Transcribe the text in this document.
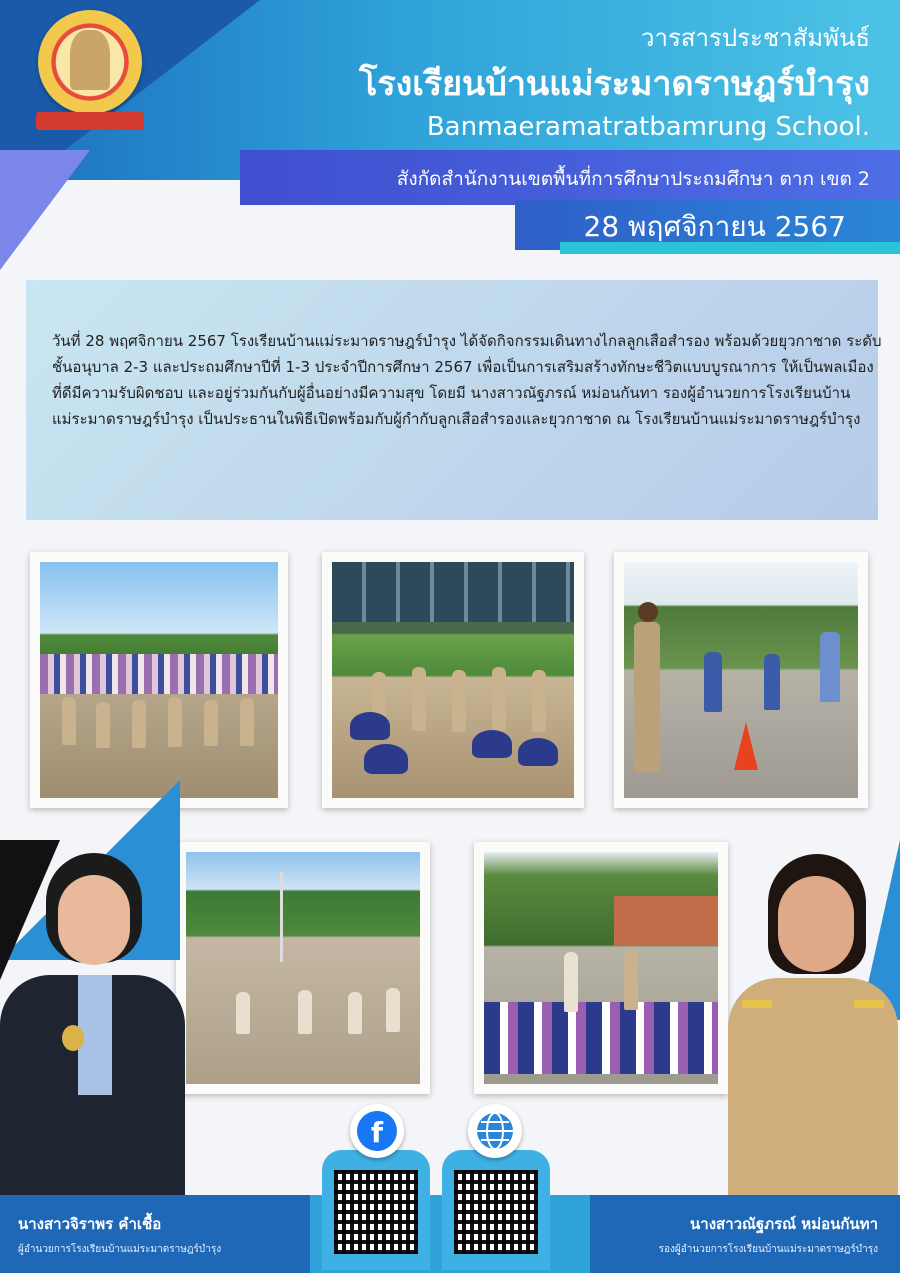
วารสารประชาสัมพันธ์
โรงเรียนบ้านแม่ระมาดราษฎร์บำรุง
Banmaeramatratbamrung School.
สังกัดสำนักงานเขตพื้นที่การศึกษาประถมศึกษา ตาก เขต 2
28 พฤศจิกายน 2567

วันที่ 28 พฤศจิกายน 2567 โรงเรียนบ้านแม่ระมาดราษฎร์บำรุง ได้จัดกิจกรรมเดินทางไกลลูกเสือสำรอง พร้อมด้วยยุวกาชาด ระดับชั้นอนุบาล 2-3 และประถมศึกษาปีที่ 1-3 ประจำปีการศึกษา 2567 เพื่อเป็นการเสริมสร้างทักษะชีวิตแบบบูรณาการ ให้เป็นพลเมืองที่ดีมีความรับผิดชอบ และอยู่ร่วมกันกับผู้อื่นอย่างมีความสุข โดยมี นางสาวณัฐภรณ์ หม่อนกันทา รองผู้อำนวยการโรงเรียนบ้านแม่ระมาดราษฎร์บำรุง เป็นประธานในพิธีเปิดพร้อมกับผู้กำกับลูกเสือสำรองและยุวกาชาด ณ โรงเรียนบ้านแม่ระมาดราษฎร์บำรุง

นางสาวจิราพร คำเชื้อ
ผู้อำนวยการโรงเรียนบ้านแม่ระมาดราษฎร์บำรุง
นางสาวณัฐภรณ์ หม่อนกันทา
รองผู้อำนวยการโรงเรียนบ้านแม่ระมาดราษฎร์บำรุง
f
